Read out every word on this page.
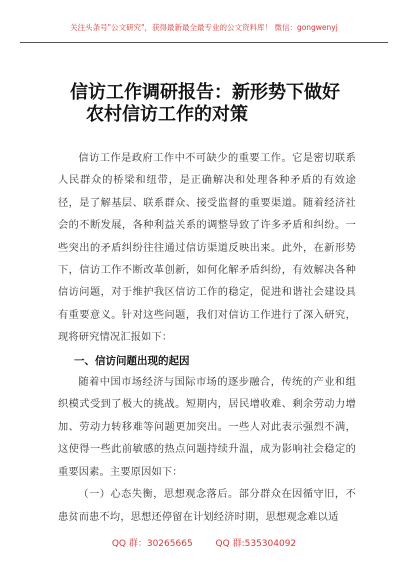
关注头条号"公文研究"，获得最新最全最专业的公文资料库！ 微信：gongwenyj
信访工作调研报告：新形势下做好
农村信访工作的对策

信访工作是政府工作中不可缺少的重要工作。它是密切联系人民群众的桥梁和纽带，是正确解决和处理各种矛盾的有效途径，是了解基层、联系群众、接受监督的重要渠道。随着经济社会的不断发展，各种利益关系的调整导致了许多矛盾和纠纷。一些突出的矛盾纠纷往往通过信访渠道反映出来。此外，在新形势下，信访工作不断改革创新，如何化解矛盾纠纷，有效解决各种信访问题，对于维护我区信访工作的稳定，促进和谐社会建设具有重要意义。针对这些问题，我们对信访工作进行了深入研究，现将研究情况汇报如下：

一、信访问题出现的起因

随着中国市场经济与国际市场的逐步融合，传统的产业和组织模式受到了极大的挑战。短期内，居民增收难、剩余劳动力增加、劳动力转移难等问题更加突出。一些人对此表示强烈不满，这使得一些此前敏感的热点问题持续升温，成为影响社会稳定的重要因素。主要原因如下：

（一）心态失衡，思想观念落后。部分群众在因循守旧，不患贫而患不均，思想还停留在计划经济时期，思想观念难以适

QQ 群：30265665	QQ 群:535304092
